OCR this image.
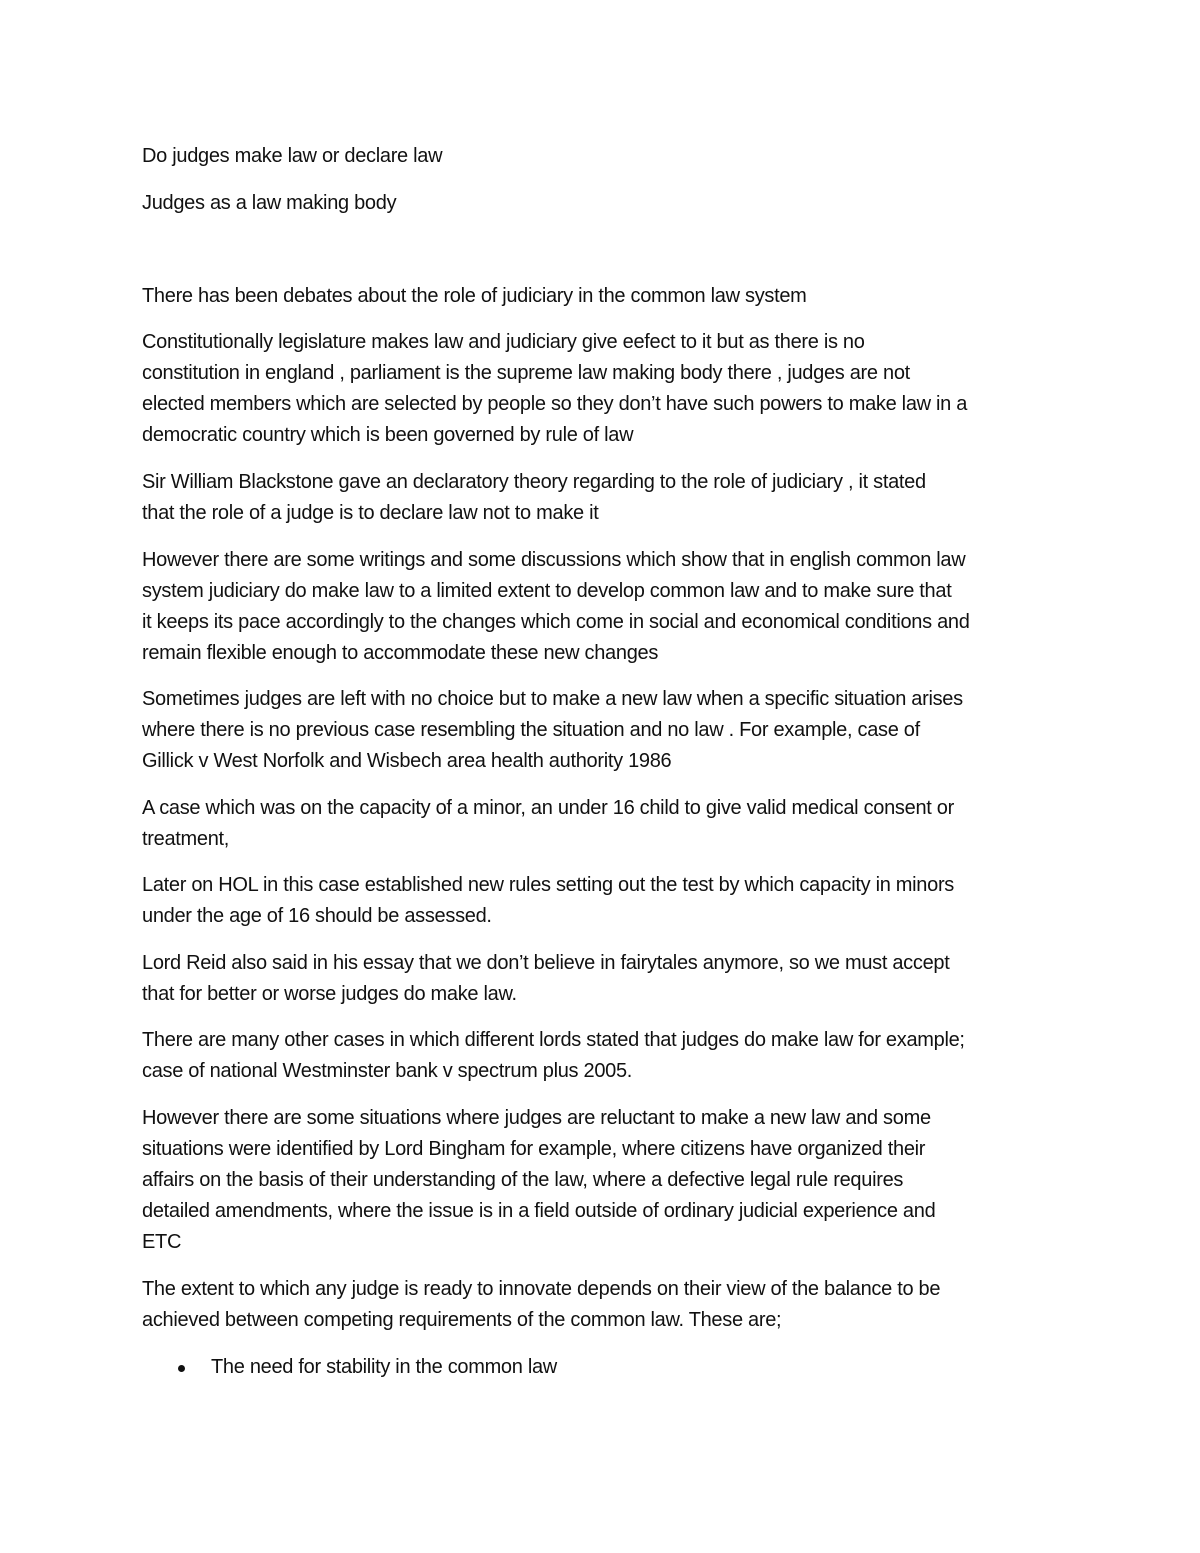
Do judges make law or declare law
Judges as a law making body
There has been debates about the role of judiciary in the common law system
Constitutionally legislature makes law and judiciary give eefect to it but as there is no
constitution in england , parliament is the supreme law making body there , judges are not
elected members which are selected by people so they don’t have such powers to make law in a
democratic country which is been governed by rule of law
Sir William Blackstone gave an declaratory theory regarding to the role of judiciary , it stated
that the role of a judge is to declare law not to make it
However there are some writings and some discussions which show that in english common law
system judiciary do make law to a limited extent to develop common law and to make sure that
it keeps its pace accordingly to the changes which come in social and economical conditions and
remain flexible enough to accommodate these new changes
Sometimes judges are left with no choice but to make a new law when a specific situation arises
where there is no previous case resembling the situation and no law . For example, case of
Gillick v West Norfolk and Wisbech area health authority 1986
A case which was on the capacity of a minor, an under 16 child to give valid medical consent or
treatment,
Later on HOL in this case established new rules setting out the test by which capacity in minors
under the age of 16 should be assessed.
Lord Reid also said in his essay that we don’t believe in fairytales anymore, so we must accept
that for better or worse judges do make law.
There are many other cases in which different lords stated that judges do make law for example;
case of national Westminster bank v spectrum plus 2005.
However there are some situations where judges are reluctant to make a new law and some
situations were identified by Lord Bingham for example, where citizens have organized their
affairs on the basis of their understanding of the law, where a defective legal rule requires
detailed amendments, where the issue is in a field outside of ordinary judicial experience and
ETC
The extent to which any judge is ready to innovate depends on their view of the balance to be
achieved between competing requirements of the common law. These are;
The need for stability in the common law
